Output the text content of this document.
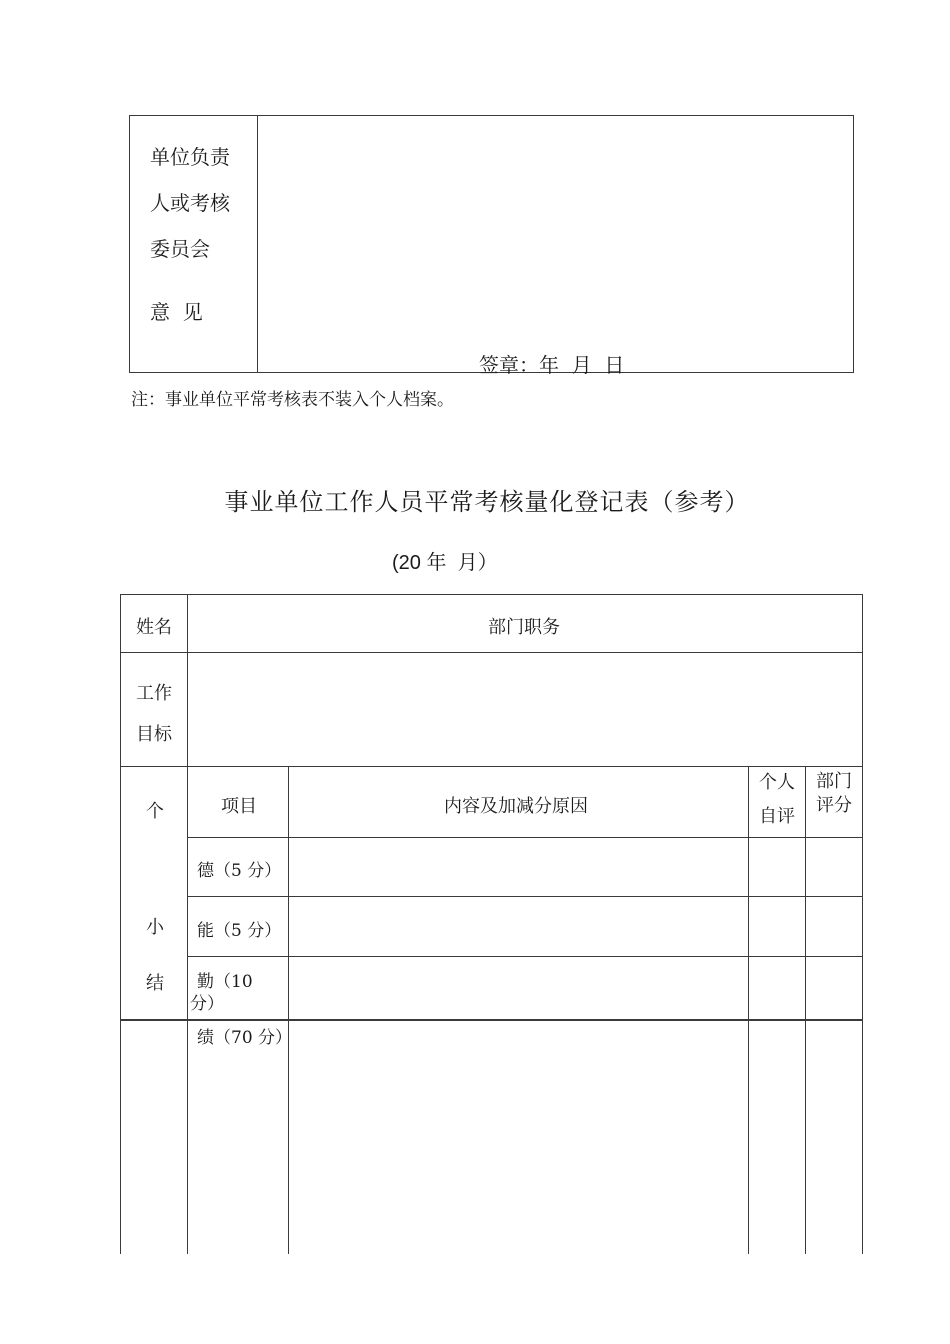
单位负责
人或考核
委员会
意  见
签章：年  月  日
注：事业单位平常考核表不装入个人档案。
事业单位工作人员平常考核量化登记表（参考）
(20 年  月）
姓名	部门职务
工作
目标
个
小
结
项目	内容及加减分原因
个人
自评
部门
评分
德（5 分）
能（5 分）
勤（10
分）
绩（70 分）
